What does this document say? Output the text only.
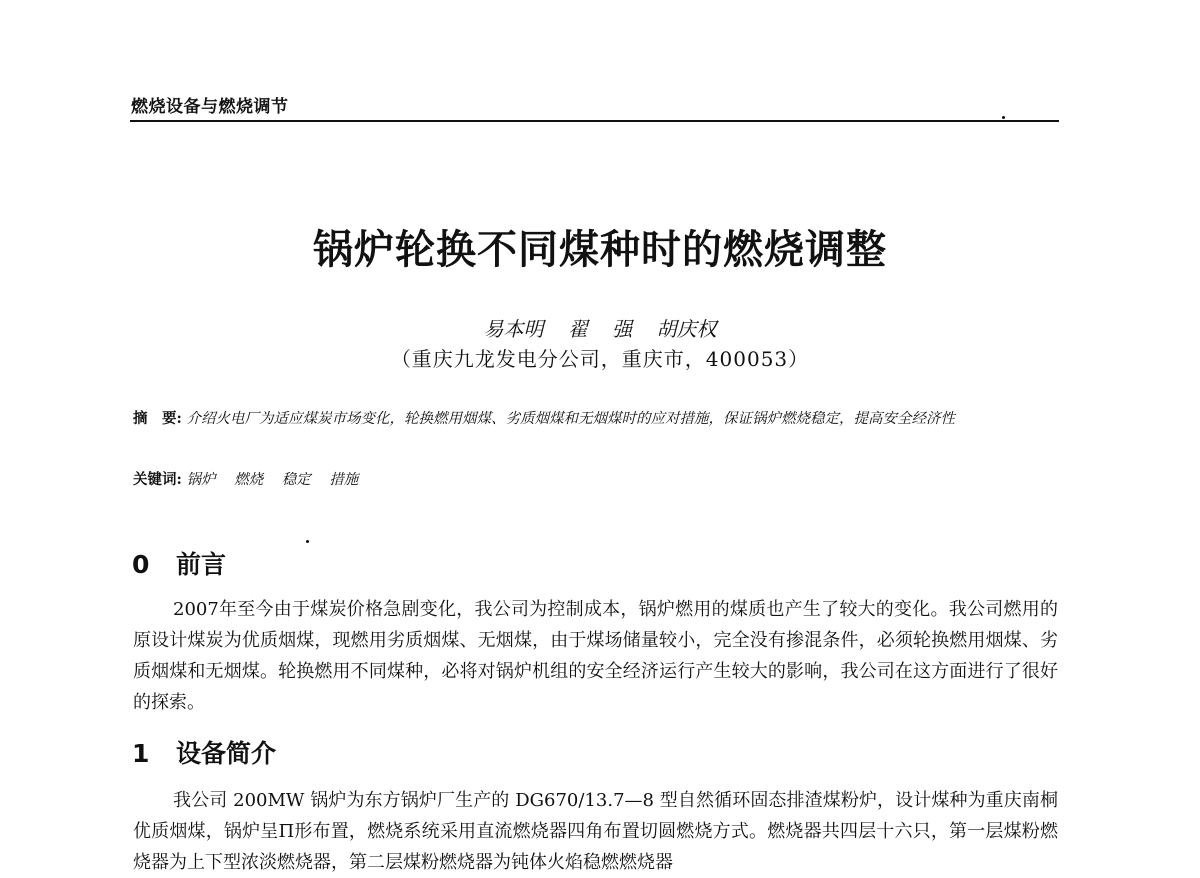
燃烧设备与燃烧调节
锅炉轮换不同煤种时的燃烧调整
易本明 翟 强 胡庆权
（重庆九龙发电分公司，重庆市，400053）
摘　要: 介绍火电厂为适应煤炭市场变化，轮换燃用烟煤、劣质烟煤和无烟煤时的应对措施，保证锅炉燃烧稳定，提高安全经济性
关键词: 锅炉 燃烧 稳定 措施
0 前言
2007年至今由于煤炭价格急剧变化，我公司为控制成本，锅炉燃用的煤质也产生了较大的变化。我公司燃用的原设计煤炭为优质烟煤，现燃用劣质烟煤、无烟煤，由于煤场储量较小，完全没有掺混条件，必须轮换燃用烟煤、劣质烟煤和无烟煤。轮换燃用不同煤种，必将对锅炉机组的安全经济运行产生较大的影响，我公司在这方面进行了很好的探索。
1 设备简介
我公司 200MW 锅炉为东方锅炉厂生产的 DG670/13.7—8 型自然循环固态排渣煤粉炉，设计煤种为重庆南桐优质烟煤，锅炉呈Π形布置，燃烧系统采用直流燃烧器四角布置切圆燃烧方式。燃烧器共四层十六只，第一层煤粉燃烧器为上下型浓淡燃烧器，第二层煤粉燃烧器为钝体火焰稳燃燃烧器
